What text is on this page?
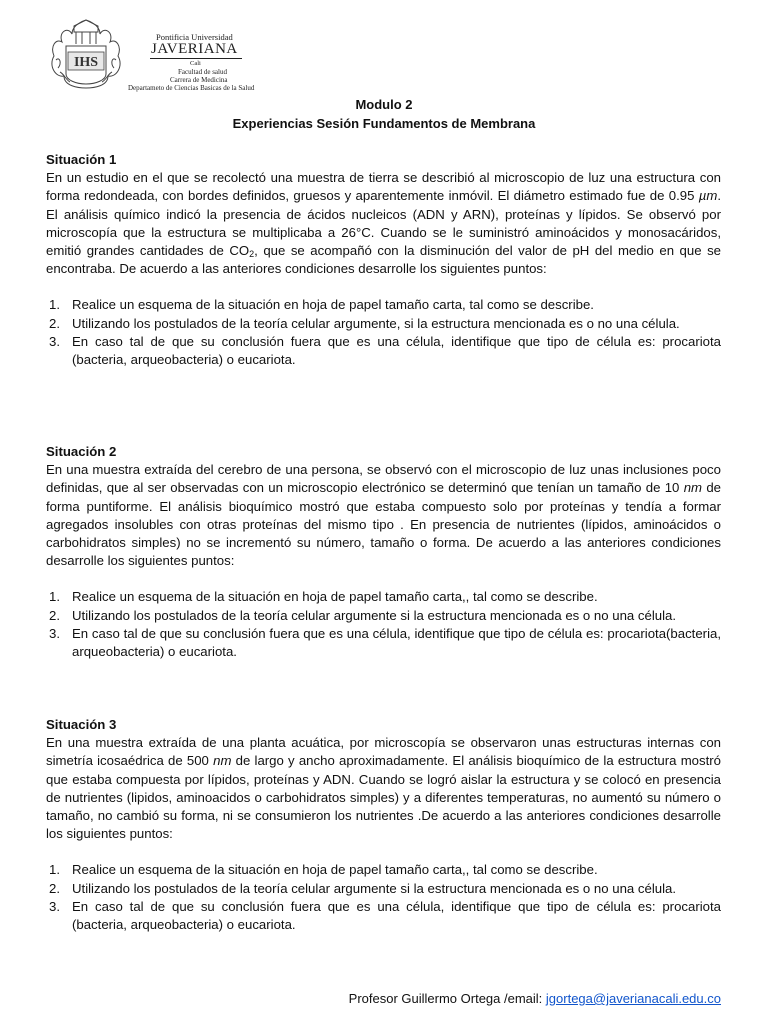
IHS
Pontificia Universidad
JAVERIANA
Cali
Facultad de salud
Carrera de Medicina
Departameto de Ciencias Basicas de la Salud
Modulo 2
Experiencias Sesión Fundamentos de Membrana
Situación 1
En un estudio en el que se recolectó una muestra de tierra se describió al microscopio de luz una estructura con forma redondeada, con bordes definidos, gruesos y aparentemente inmóvil. El diámetro estimado fue de 0.95 µm. El análisis químico indicó la presencia de ácidos nucleicos (ADN y ARN), proteínas y lípidos. Se observó por microscopía que la estructura se multiplicaba a 26°C. Cuando se le suministró aminoácidos y monosacáridos, emitió grandes cantidades de $CO_2$, que se acompañó con la disminución del valor de pH del medio en que se encontraba. De acuerdo a las anteriores condiciones desarrolle los siguientes puntos:
1. Realice un esquema de la situación en hoja de papel tamaño carta, tal como se describe.
2. Utilizando los postulados de la teoría celular argumente, si la estructura mencionada es o no una célula.
3. En caso tal de que su conclusión fuera que es una célula, identifique que tipo de célula es: procariota (bacteria, arqueobacteria) o eucariota.
Situación 2
En una muestra extraída del cerebro de una persona, se observó con el microscopio de luz unas inclusiones poco definidas, que al ser observadas con un microscopio electrónico se determinó que tenían un tamaño de 10 nm de forma puntiforme. El análisis bioquímico mostró que estaba compuesto solo por proteínas y tendía a formar agregados insolubles con otras proteínas del mismo tipo . En presencia de nutrientes (lípidos, aminoácidos o carbohidratos simples) no se incrementó su número, tamaño o forma. De acuerdo a las anteriores condiciones desarrolle los siguientes puntos:
1. Realice un esquema de la situación en hoja de papel tamaño carta,, tal como se describe.
2. Utilizando los postulados de la teoría celular argumente si la estructura mencionada es o no una célula.
3. En caso tal de que su conclusión fuera que es una célula, identifique que tipo de célula es: procariota(bacteria, arqueobacteria) o eucariota.
Situación 3
En una muestra extraída de una planta acuática, por microscopía se observaron unas estructuras internas con simetría icosaédrica de 500 nm de largo y ancho aproximadamente. El análisis bioquímico de la estructura mostró que estaba compuesta por lípidos, proteínas y ADN. Cuando se logró aislar la estructura y se colocó en presencia de nutrientes (lipidos, aminoacidos o carbohidratos simples) y a diferentes temperaturas, no aumentó su número o tamaño, no cambió su forma, ni se consumieron los nutrientes .De acuerdo a las anteriores condiciones desarrolle los siguientes puntos:
1. Realice un esquema de la situación en hoja de papel tamaño carta,, tal como se describe.
2. Utilizando los postulados de la teoría celular argumente si la estructura mencionada es o no una célula.
3. En caso tal de que su conclusión fuera que es una célula, identifique que tipo de célula es: procariota (bacteria, arqueobacteria) o eucariota.
Profesor Guillermo Ortega /email: jgortega@javerianacali.edu.co
